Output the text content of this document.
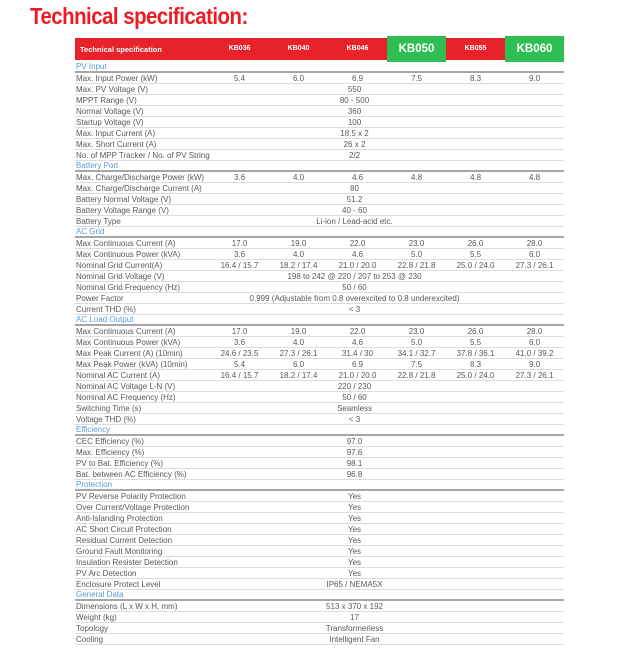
Technical specification:
Technical specification	KB036	KB040	KB046	KB050	KB055	KB060
PV Input
Max. Input Power (kW)	5.4	6.0	6.9	7.5	8.3	9.0
Max. PV Voltage (V)	550
MPPT Range (V)	80 - 500
Normal Voltage (V)	360
Startup Voltage (V)	100
Max. Input Current (A)	18.5 x 2
Max. Short Current (A)	26 x 2
No. of MPP Tracker / No. of PV String	2/2
Battery Port
Max. Charge/Discharge Power (kW)	3.6	4.0	4.6	4.8	4.8	4.8
Max. Charge/Discharge Current (A)	80
Battery Normal Voltage (V)	51.2
Battery Voltage Range (V)	40 - 60
Battery Type	Li-ion / Lead-acid etc.
AC Grid
Max Continuous Current (A)	17.0	19.0	22.0	23.0	26.0	28.0
Max Continuous Power (kVA)	3.6	4.0	4.6	5.0	5.5	6.0
Nominal Grid Current(A)	16.4 / 15.7	18.2 / 17.4	21.0 / 20.0	22.8 / 21.8	25.0 / 24.0	27.3 / 26.1
Nominal Grid Voltage (V)	198 to 242 @ 220 / 207 to 253 @ 230
Nominal Grid Frequency (Hz)	50 / 60
Power Factor	0.999 (Adjustable from 0.8 overexcited to 0.8 underexcited)
Current THD (%)	< 3
AC Load Output
Max Continuous Current (A)	17.0	19.0	22.0	23.0	26.0	28.0
Max Continuous Power (kVA)	3.6	4.0	4.6	5.0	5.5	6.0
Max Peak Current (A) (10min)	24.6 / 23.5	27.3 / 26.1	31.4 / 30	34.1 / 32.7	37.8 / 36.1	41.0 / 39.2
Max Peak Power (kVA) (10min)	5.4	6.0	6.9	7.5	8.3	9.0
Nominal AC Current (A)	16.4 / 15.7	18.2 / 17.4	21.0 / 20.0	22.8 / 21.8	25.0 / 24.0	27.3 / 26.1
Nominal AC Voltage L-N (V)	220 / 230
Nominal AC Frequency (Hz)	50 / 60
Switching Time (s)	Seamless
Voltage THD (%)	< 3
Efficiency
CEC Efficiency (%)	97.0
Max. Efficiency (%)	97.6
PV to Bat. Efficiency (%)	98.1
Bat. between AC Efficiency (%)	96.8
Protection
PV Reverse Polarity Protection	Yes
Over Current/Voltage Protection	Yes
Anti-Islanding Protection	Yes
AC Short Circuit Protection	Yes
Residual Current Detection	Yes
Ground Fault Monitoring	Yes
Insulation Resister Detection	Yes
PV Arc Detection	Yes
Enclosure Protect Level	IP65 / NEMA5X
General Data
Dimensions (L x W x H, mm)	513 x 370 x 192
Weight (kg)	17
Topology	Transformerless
Cooling	Intelligent Fan
